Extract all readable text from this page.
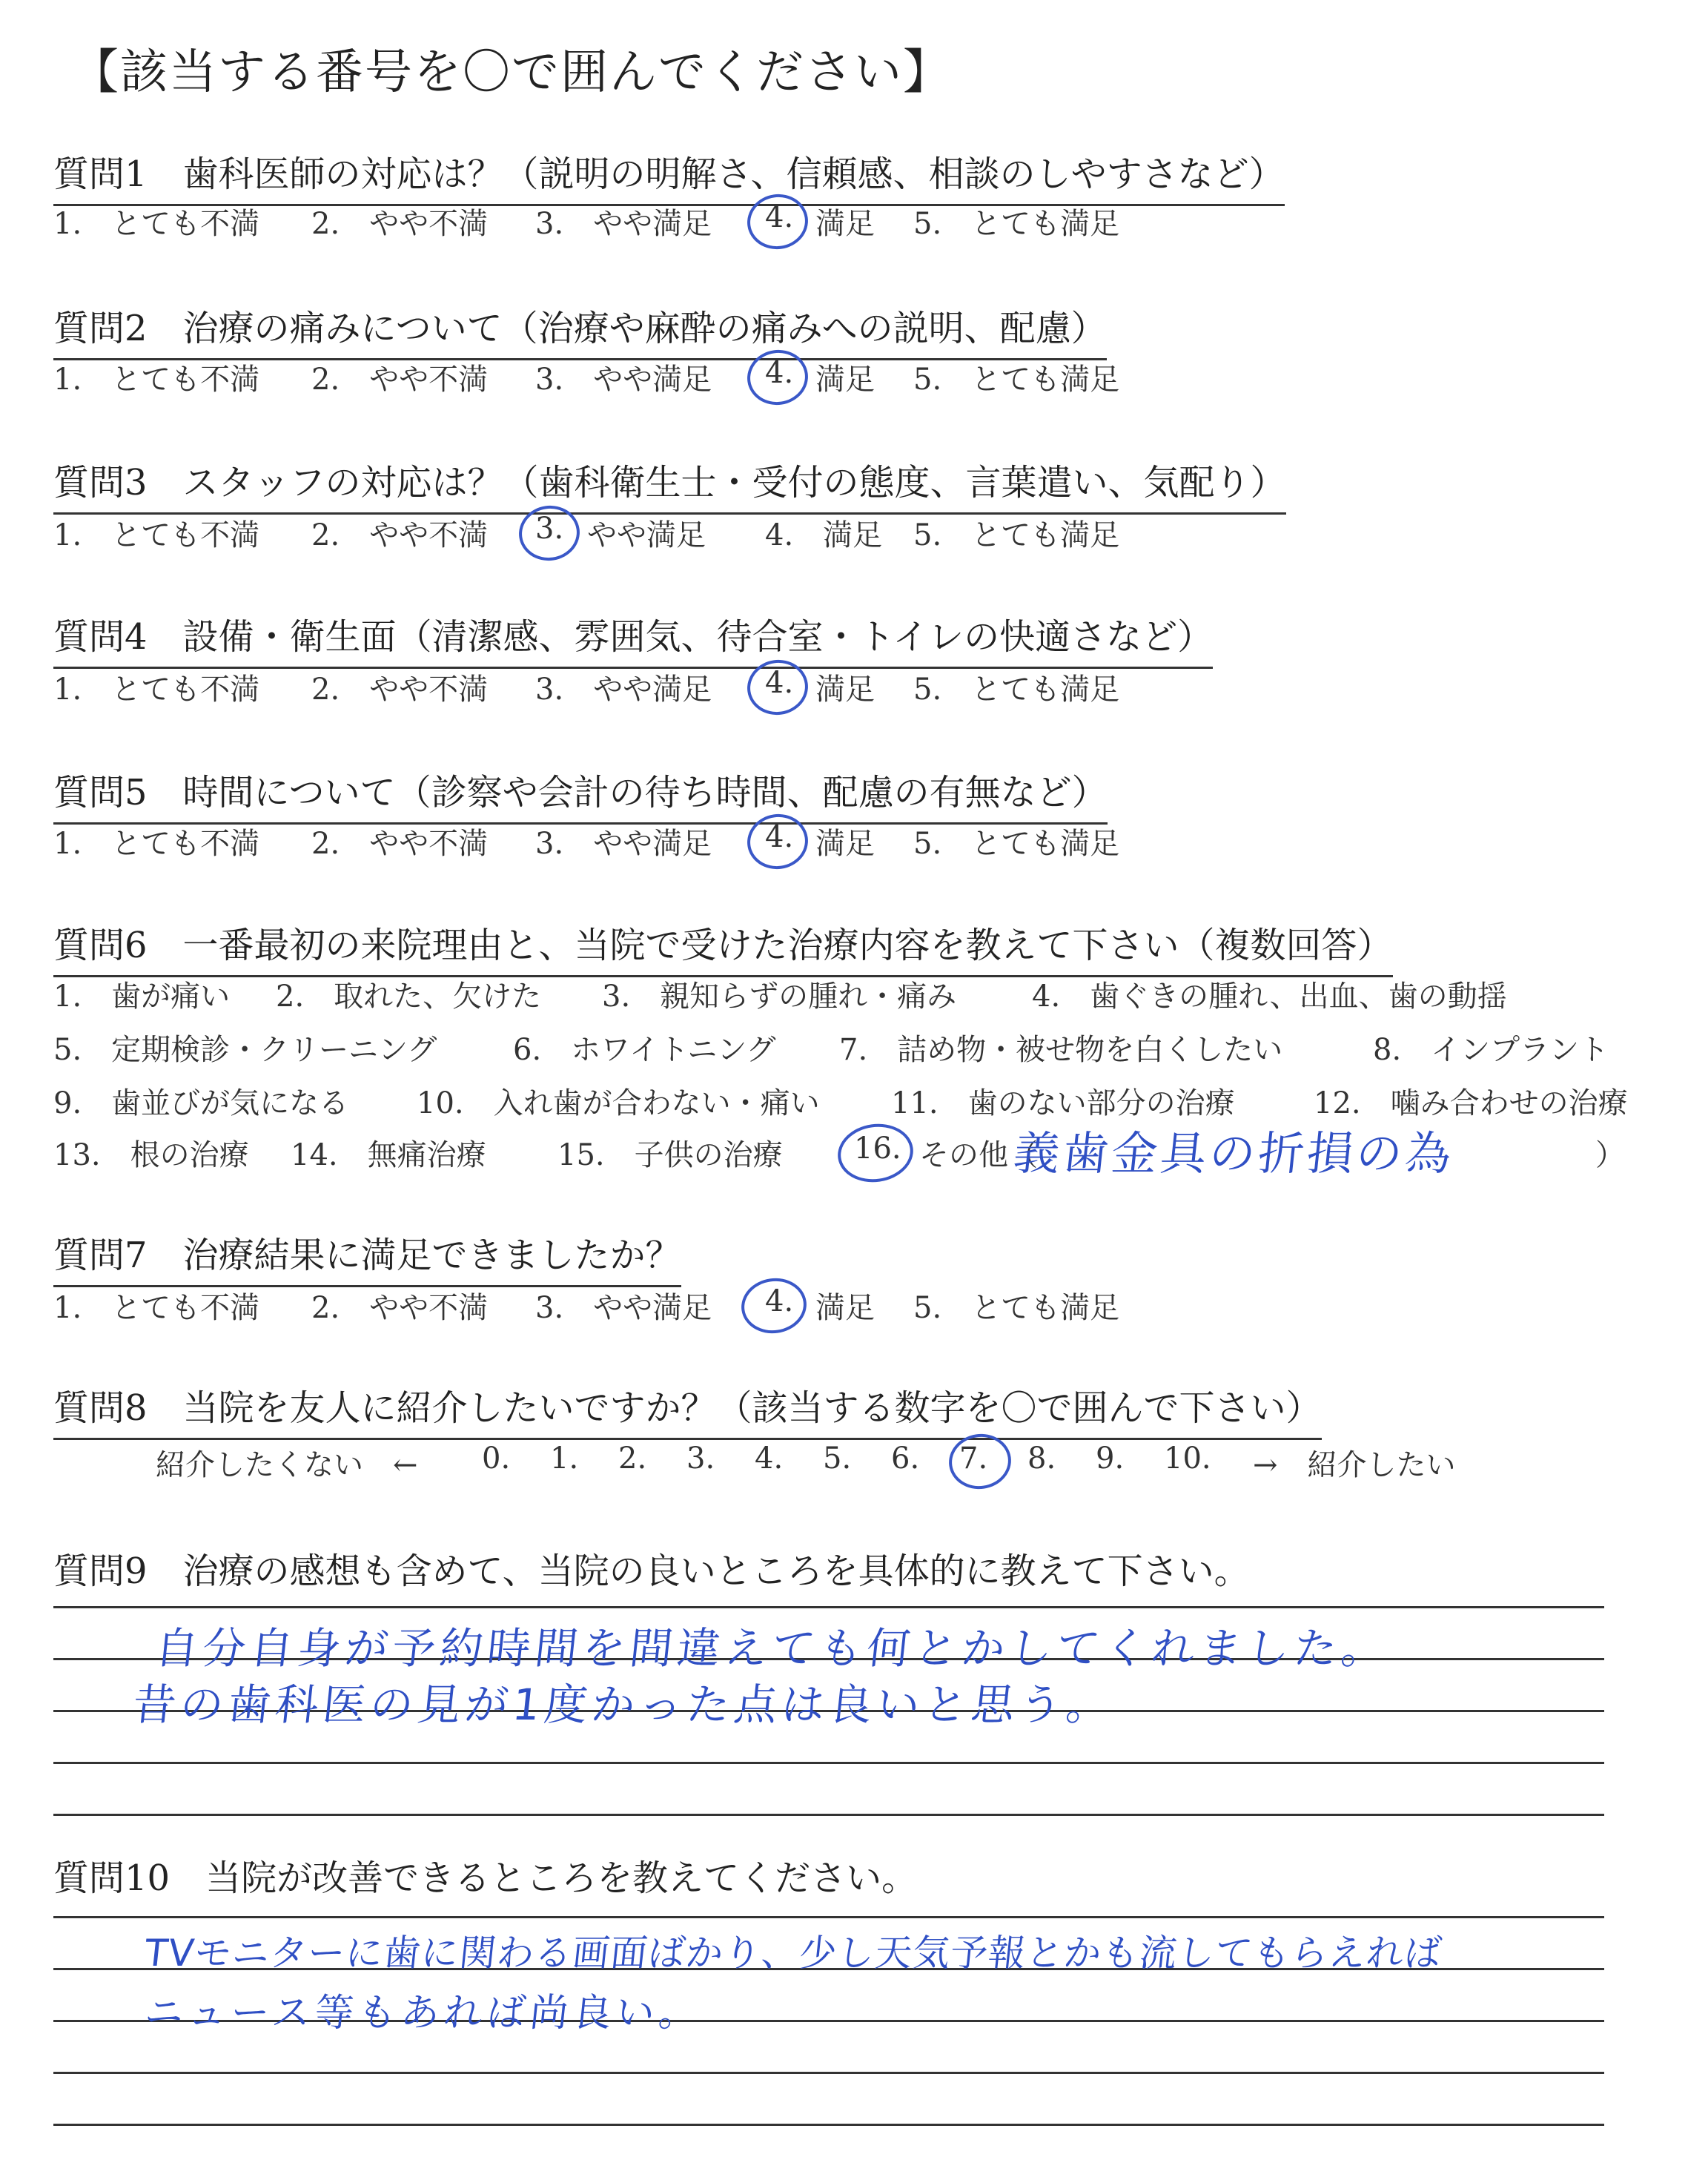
【該当する番号を〇で囲んでください】
質問1　歯科医師の対応は？（説明の明解さ、信頼感、相談のしやすさなど）
1.　とても不満 2.　やや不満 3.　やや満足 4. 満足 5.　とても満足
質問2　治療の痛みについて（治療や麻酔の痛みへの説明、配慮）
1.　とても不満 2.　やや不満 3.　やや満足 4. 満足 5.　とても満足
質問3　スタッフの対応は？（歯科衛生士・受付の態度、言葉遣い、気配り）
1.　とても不満 2.　やや不満 3. やや満足 4.　満足 5.　とても満足
質問4　設備・衛生面（清潔感、雰囲気、待合室・トイレの快適さなど）
1.　とても不満 2.　やや不満 3.　やや満足 4. 満足 5.　とても満足
質問5　時間について（診察や会計の待ち時間、配慮の有無など）
1.　とても不満 2.　やや不満 3.　やや満足 4. 満足 5.　とても満足
質問6　一番最初の来院理由と、当院で受けた治療内容を教えて下さい（複数回答）
1.　歯が痛い 2.　取れた、欠けた 3.　親知らずの腫れ・痛み	4.　歯ぐきの腫れ、出血、歯の動揺
5.　定期検診・クリーニング	6.　ホワイトニング 7.　詰め物・被せ物を白くしたい	8.　インプラント
9.　歯並びが気になる 10.　入れ歯が合わない・痛い 11.　歯のない部分の治療	12.　噛み合わせの治療
13.　根の治療 14.　無痛治療 15.　子供の治療 16. その他（	）
義歯金具の折損の為
質問7　治療結果に満足できましたか？
1.　とても不満 2.　やや不満 3.　やや満足 4. 満足 5.　とても満足
質問8　当院を友人に紹介したいですか？（該当する数字を〇で囲んで下さい）
紹介したくない　← 0. 1. 2. 3. 4. 5. 6. 7. 8. 9. 10. →　紹介したい
質問9　治療の感想も含めて、当院の良いところを具体的に教えて下さい。
自分自身が予約時間を間違えても何とかしてくれました。
昔の歯科医の見が1度かった点は良いと思う。
質問10　当院が改善できるところを教えてください。
TVモニターに歯に関わる画面ばかり、少し天気予報とかも流してもらえれば
ニュース等もあれば尚良い。
